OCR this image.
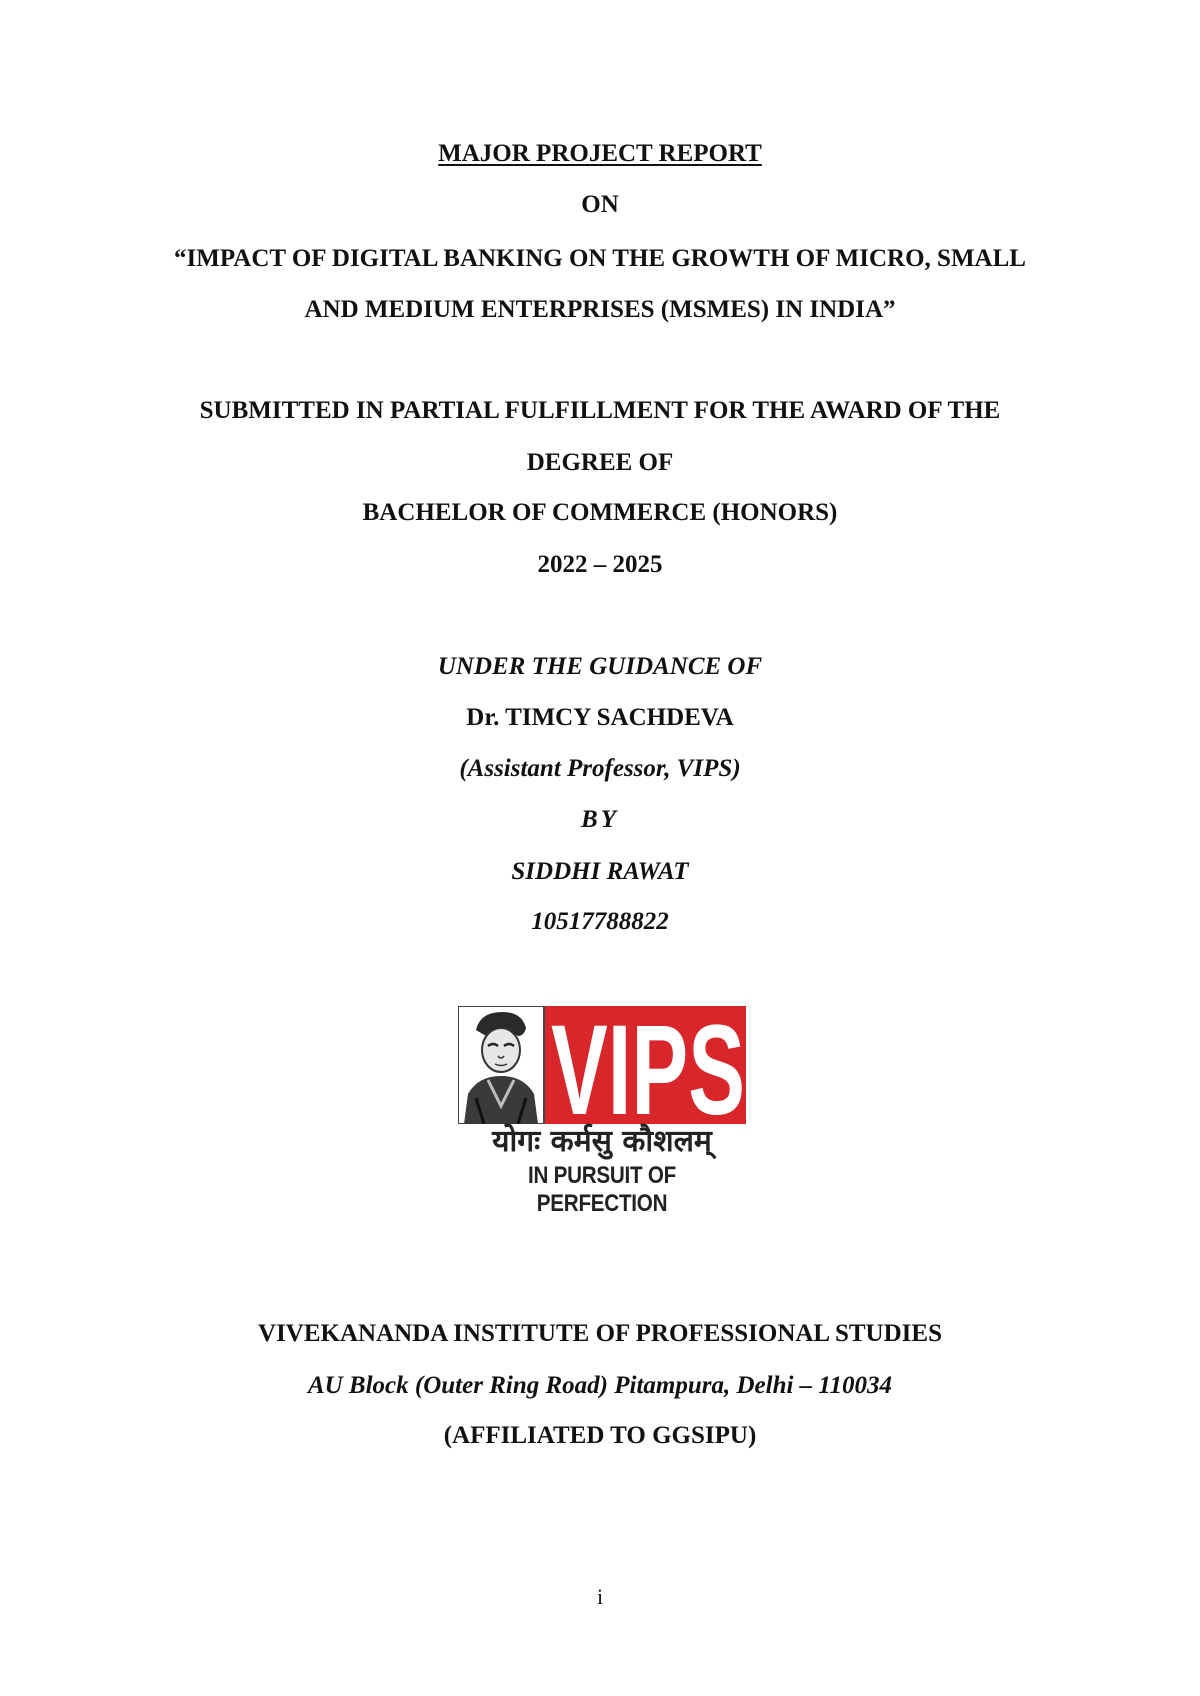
MAJOR PROJECT REPORT
ON
“IMPACT OF DIGITAL BANKING ON THE GROWTH OF MICRO, SMALL
AND MEDIUM ENTERPRISES (MSMES) IN INDIA”
SUBMITTED IN PARTIAL FULFILLMENT FOR THE AWARD OF THE
DEGREE OF
BACHELOR OF COMMERCE (HONORS)
2022 – 2025
UNDER THE GUIDANCE OF
Dr. TIMCY SACHDEVA
(Assistant Professor, VIPS)
BY
SIDDHI RAWAT
10517788822
VIPS
योगः कर्मसु कौशलम्
IN PURSUIT OF PERFECTION
VIVEKANANDA INSTITUTE OF PROFESSIONAL STUDIES
AU Block (Outer Ring Road) Pitampura, Delhi – 110034
(AFFILIATED TO GGSIPU)
i
